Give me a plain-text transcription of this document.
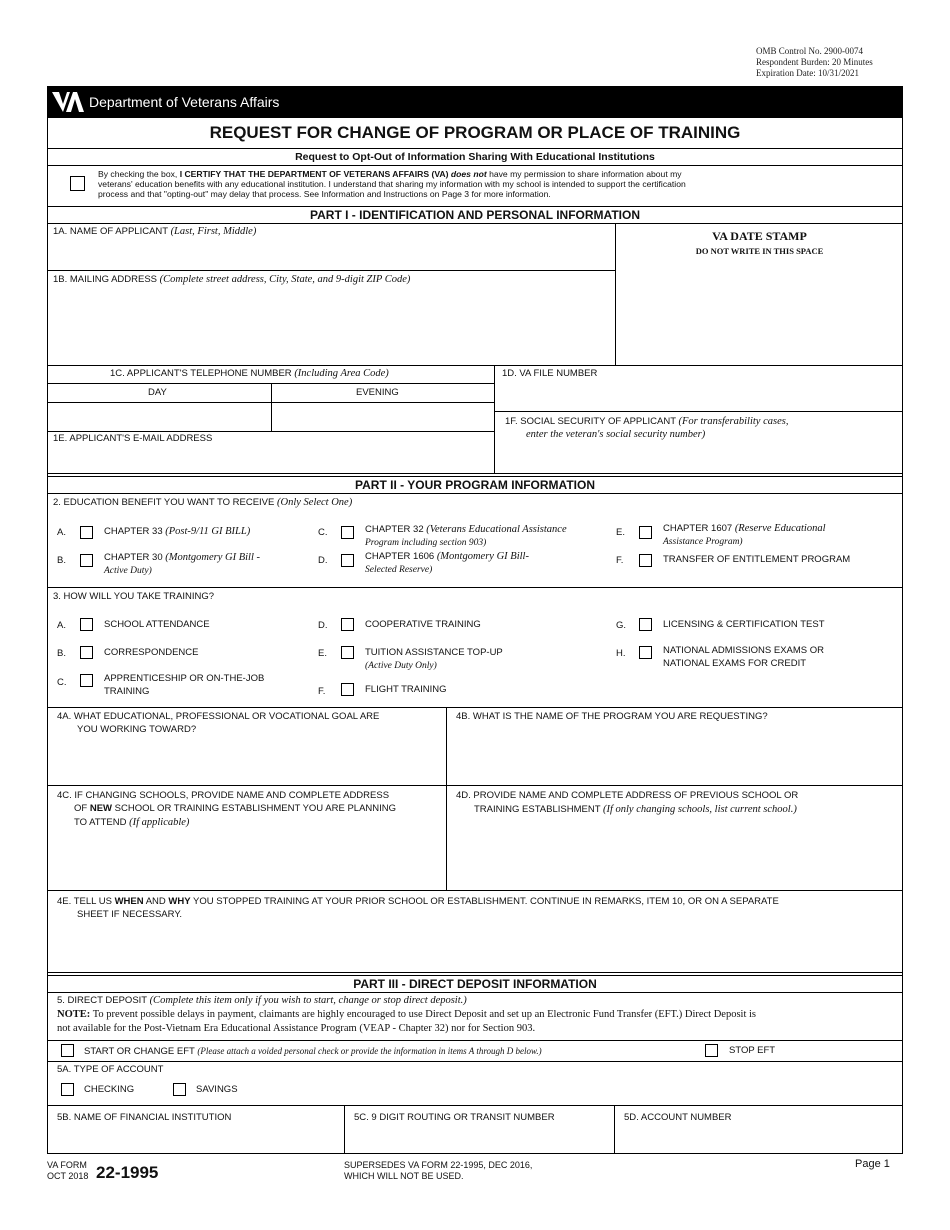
OMB Control No. 2900-0074
Respondent Burden: 20 Minutes
Expiration Date: 10/31/2021
Department of Veterans Affairs
REQUEST FOR CHANGE OF PROGRAM OR PLACE OF TRAINING
Request to Opt-Out of Information Sharing With Educational Institutions
By checking the box, I CERTIFY THAT THE DEPARTMENT OF VETERANS AFFAIRS (VA) does not have my permission to share information about my
veterans' education benefits with any educational institution. I understand that sharing my information with my school is intended to support the certification
process and that "opting-out" may delay that process. See Information and Instructions on Page 3 for more information.
PART I - IDENTIFICATION AND PERSONAL INFORMATION
1A. NAME OF APPLICANT (Last, First, Middle)	VA DATE STAMP
DO NOT WRITE IN THIS SPACE
1B. MAILING ADDRESS (Complete street address, City, State, and 9-digit ZIP Code)
1C. APPLICANT'S TELEPHONE NUMBER (Including Area Code)	1D. VA FILE NUMBER
DAY	EVENING
1F. SOCIAL SECURITY OF APPLICANT (For transferability cases,
enter the veteran's social security number)
1E. APPLICANT'S E-MAIL ADDRESS
PART II - YOUR PROGRAM INFORMATION
2. EDUCATION BENEFIT YOU WANT TO RECEIVE (Only Select One)
A.	CHAPTER 33 (Post-9/11 GI BILL)
B.	CHAPTER 30 (Montgomery GI Bill -
Active Duty)
C.	CHAPTER 32 (Veterans Educational Assistance
Program including section 903)
D.	CHAPTER 1606 (Montgomery GI Bill-
Selected Reserve)
E.	CHAPTER 1607 (Reserve Educational
Assistance Program)
F.	TRANSFER OF ENTITLEMENT PROGRAM
3. HOW WILL YOU TAKE TRAINING?
A.	SCHOOL ATTENDANCE
B.	CORRESPONDENCE
C.	APPRENTICESHIP OR ON-THE-JOB
TRAINING
D.	COOPERATIVE TRAINING
E.	TUITION ASSISTANCE TOP-UP
(Active Duty Only)
F.	FLIGHT TRAINING
G.	LICENSING & CERTIFICATION TEST
H.	NATIONAL ADMISSIONS EXAMS OR
NATIONAL EXAMS FOR CREDIT
4A. WHAT EDUCATIONAL, PROFESSIONAL OR VOCATIONAL GOAL ARE
YOU WORKING TOWARD?
4B. WHAT IS THE NAME OF THE PROGRAM YOU ARE REQUESTING?
4C. IF CHANGING SCHOOLS, PROVIDE NAME AND COMPLETE ADDRESS
OF NEW SCHOOL OR TRAINING ESTABLISHMENT YOU ARE PLANNING
TO ATTEND (If applicable)
4D. PROVIDE NAME AND COMPLETE ADDRESS OF PREVIOUS SCHOOL OR
TRAINING ESTABLISHMENT (If only changing schools, list current school.)
4E. TELL US WHEN AND WHY YOU STOPPED TRAINING AT YOUR PRIOR SCHOOL OR ESTABLISHMENT. CONTINUE IN REMARKS, ITEM 10, OR ON A SEPARATE
SHEET IF NECESSARY.
PART III - DIRECT DEPOSIT INFORMATION
5. DIRECT DEPOSIT (Complete this item only if you wish to start, change or stop direct deposit.)
NOTE: To prevent possible delays in payment, claimants are highly encouraged to use Direct Deposit and set up an Electronic Fund Transfer (EFT.) Direct Deposit is
not available for the Post-Vietnam Era Educational Assistance Program (VEAP - Chapter 32) nor for Section 903.
START OR CHANGE EFT (Please attach a voided personal check or provide the information in items A through D below.)	STOP EFT
5A. TYPE OF ACCOUNT
CHECKING	SAVINGS
5B. NAME OF FINANCIAL INSTITUTION	5C. 9 DIGIT ROUTING OR TRANSIT NUMBER	5D. ACCOUNT NUMBER
VA FORM
OCT 2018 22-1995	SUPERSEDES VA FORM 22-1995, DEC 2016,
WHICH WILL NOT BE USED.
Page 1
